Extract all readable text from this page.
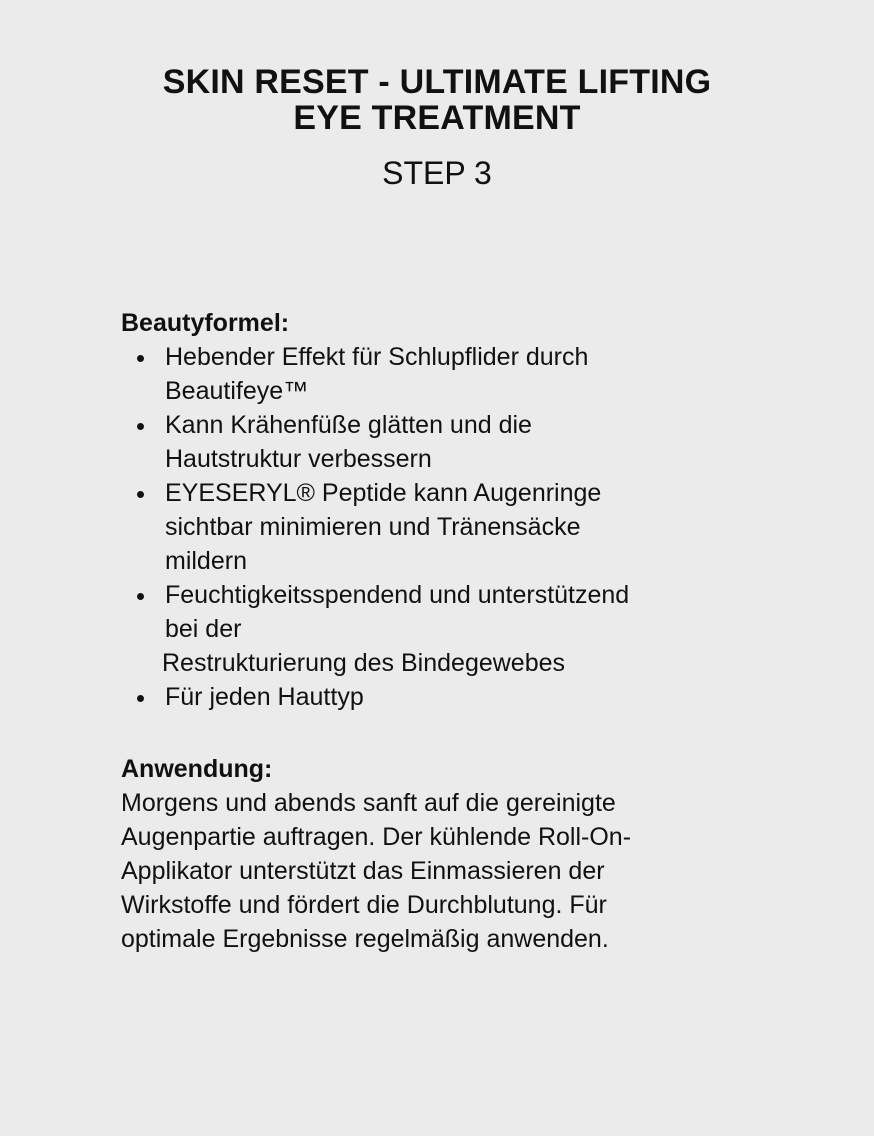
SKIN RESET - ULTIMATE LIFTING
EYE TREATMENT
STEP 3
Beautyformel:
Hebender Effekt für Schlupflider durch
Beautifeye™
Kann Krähenfüße glätten und die
Hautstruktur verbessern
EYESERYL® Peptide kann Augenringe
sichtbar minimieren und Tränensäcke
mildern
Feuchtigkeitsspendend und unterstützend
bei der
Restrukturierung des Bindegewebes
Für jeden Hauttyp
Anwendung:

Morgens und abends sanft auf die gereinigte
Augenpartie auftragen. Der kühlende Roll-On-
Applikator unterstützt das Einmassieren der
Wirkstoffe und fördert die Durchblutung. Für
optimale Ergebnisse regelmäßig anwenden.
